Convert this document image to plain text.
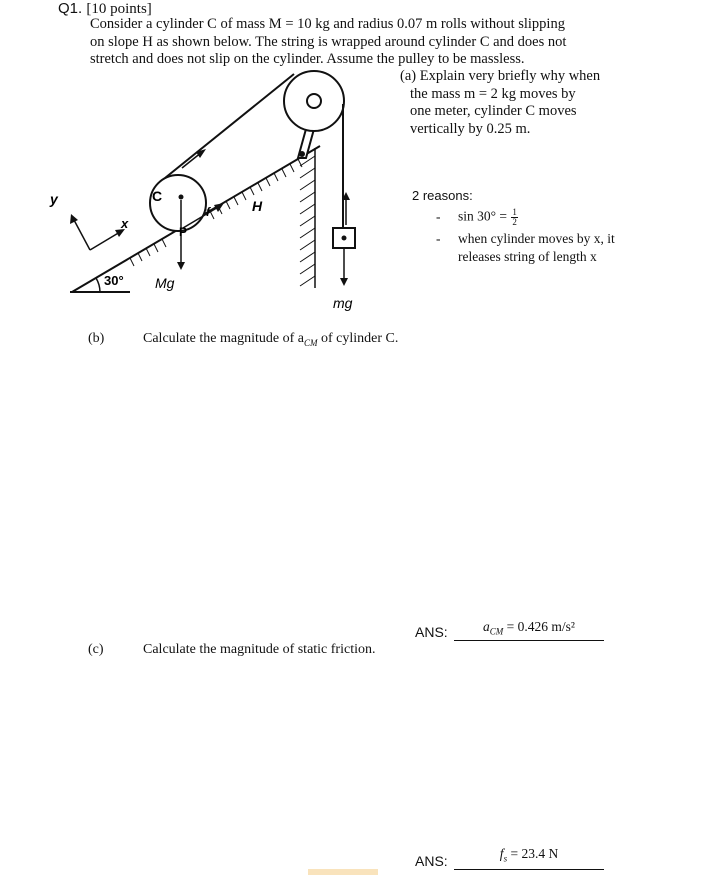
Q1. [10 points]

Consider a cylinder C of mass M = 10 kg and radius 0.07 m rolls without slipping

on slope H as shown below. The string is wrapped around cylinder C and does not

stretch and does not slip on the cylinder. Assume the pulley to be massless.

(a) Explain very briefly why when

the mass m = 2 kg moves by

one meter, cylinder C moves

vertically by 0.25 m.

2 reasons:
- $\sin 30^\circ = \frac{1}{2}$
- when cylinder moves by x, it
releases string of length x
30°
C
mg
Mg
f
P
H
y
x
(b)	Calculate the magnitude of $a_{CM}$ of cylinder C.
ANS:	$a_{CM} = 0.426$ m/s²
(c)	Calculate the magnitude of static friction.
ANS:	$f_s = 23.4$ N
